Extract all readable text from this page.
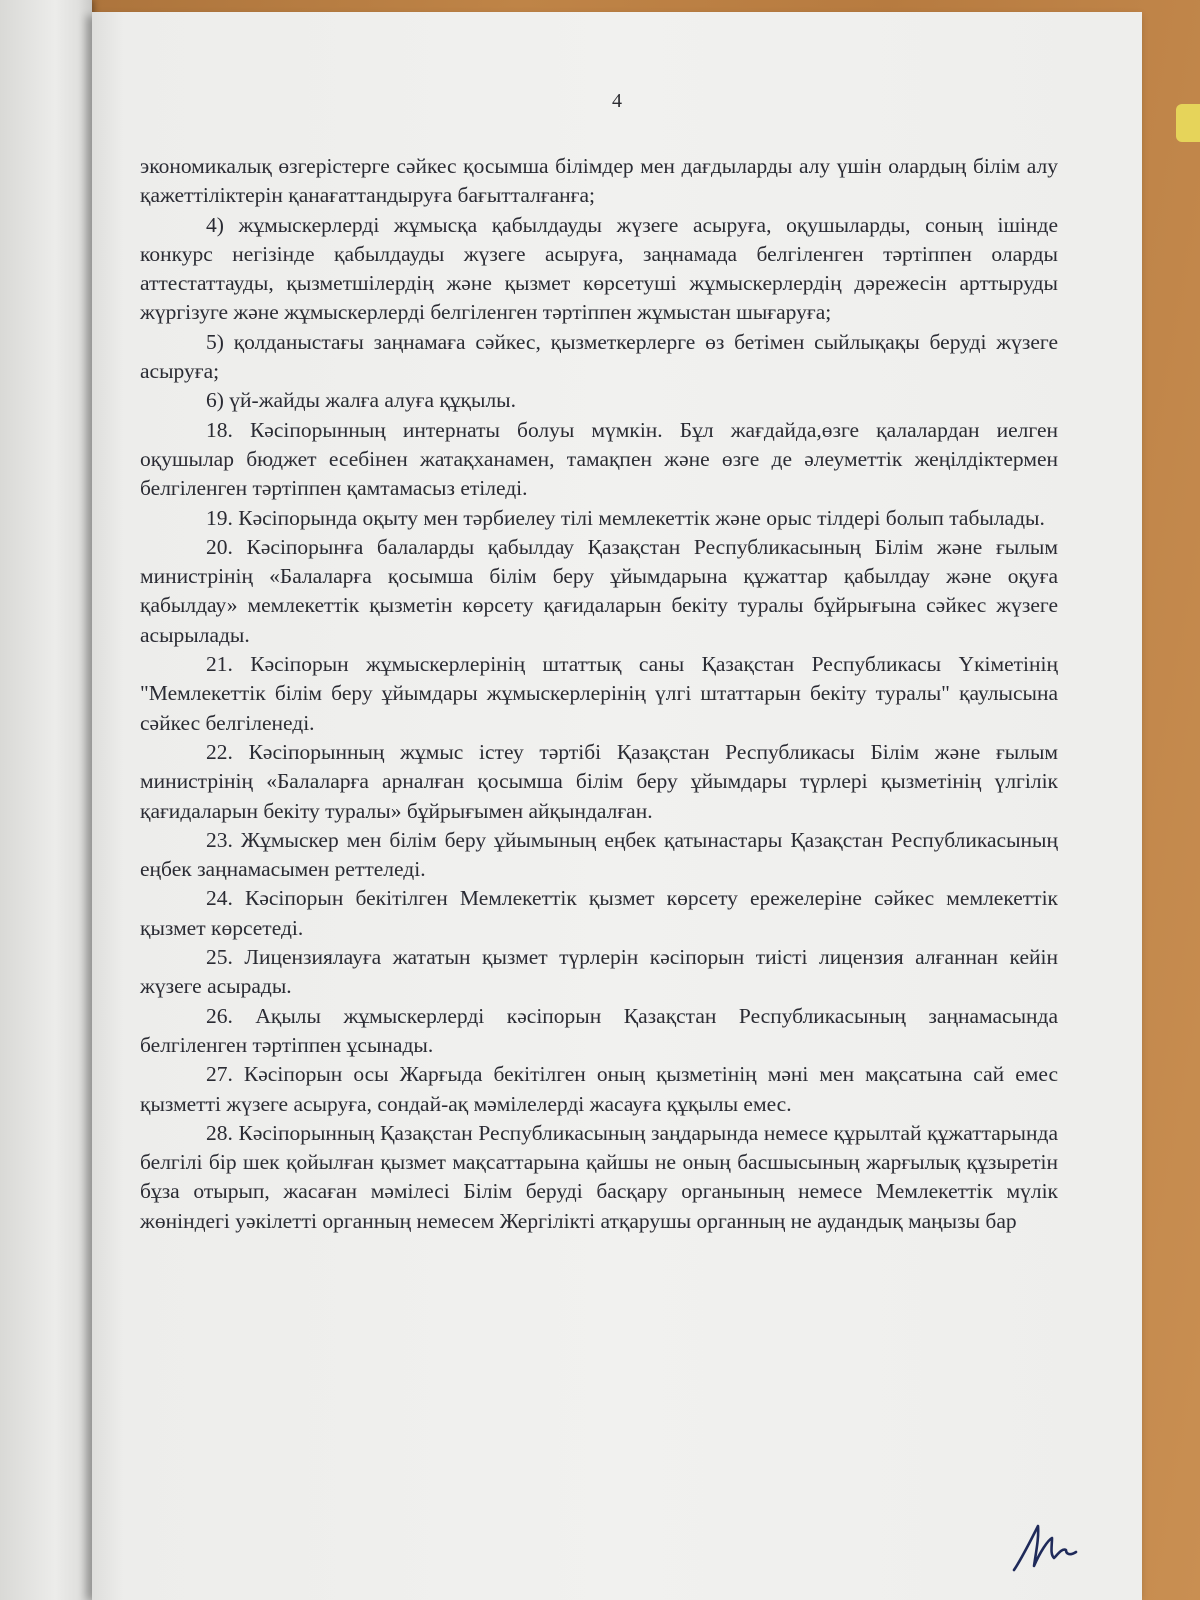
4

экономикалық өзгерістерге сәйкес қосымша білімдер мен дағдыларды алу үшін олардың білім алу қажеттіліктерін қанағаттандыруға бағытталғанға;

4) жұмыскерлерді жұмысқа қабылдауды жүзеге асыруға, оқушыларды, соның ішінде конкурс негізінде қабылдауды жүзеге асыруға, заңнамада белгіленген тәртіппен оларды аттестаттауды, қызметшілердің және қызмет көрсетуші жұмыскерлердің дәрежесін арттыруды жүргізуге және жұмыскерлерді белгіленген тәртіппен жұмыстан шығаруға;

5) қолданыстағы заңнамаға сәйкес, қызметкерлерге өз бетімен сыйлықақы беруді жүзеге асыруға;

6) үй-жайды жалға алуға құқылы.

18. Кәсіпорынның интернаты болуы мүмкін. Бұл жағдайда,өзге қалалардан иелген оқушылар бюджет есебінен жатақханамен, тамақпен және өзге де әлеуметтік жеңілдіктермен белгіленген тәртіппен қамтамасыз етіледі.

19. Кәсіпорында оқыту мен тәрбиелеу тілі мемлекеттік және орыс тілдері болып табылады.

20. Кәсіпорынға балаларды қабылдау Қазақстан Республикасының Білім және ғылым министрінің «Балаларға қосымша білім беру ұйымдарына құжаттар қабылдау және оқуға қабылдау» мемлекеттік қызметін көрсету қағидаларын бекіту туралы бұйрығына сәйкес жүзеге асырылады.

21. Кәсіпорын жұмыскерлерінің штаттық саны Қазақстан Республикасы Үкіметінің "Мемлекеттік білім беру ұйымдары жұмыскерлерінің үлгі штаттарын бекіту туралы" қаулысына сәйкес белгіленеді.

22. Кәсіпорынның жұмыс істеу тәртібі Қазақстан Республикасы Білім және ғылым министрінің «Балаларға арналған қосымша білім беру ұйымдары түрлері қызметінің үлгілік қағидаларын бекіту туралы» бұйрығымен айқындалған.

23. Жұмыскер мен білім беру ұйымының еңбек қатынастары Қазақстан Республикасының еңбек заңнамасымен реттеледі.

24. Кәсіпорын бекітілген Мемлекеттік қызмет көрсету ережелеріне сәйкес мемлекеттік қызмет көрсетеді.

25. Лицензиялауға жататын қызмет түрлерін кәсіпорын тиісті лицензия алғаннан кейін жүзеге асырады.

26. Ақылы жұмыскерлерді кәсіпорын Қазақстан Республикасының заңнамасында белгіленген тәртіппен ұсынады.

27. Кәсіпорын осы Жарғыда бекітілген оның қызметінің мәні мен мақсатына сай емес қызметті жүзеге асыруға, сондай-ақ мәмілелерді жасауға құқылы емес.

28. Кәсіпорынның Қазақстан Республикасының заңдарында немесе құрылтай құжаттарында белгілі бір шек қойылған қызмет мақсаттарына қайшы не оның басшысының жарғылық құзыретін бұза отырып, жасаған мәмілесі Білім беруді басқару органының немесе Мемлекеттік мүлік жөніндегі уәкілетті органның немесем Жергілікті атқарушы органның не аудандық маңызы бар
